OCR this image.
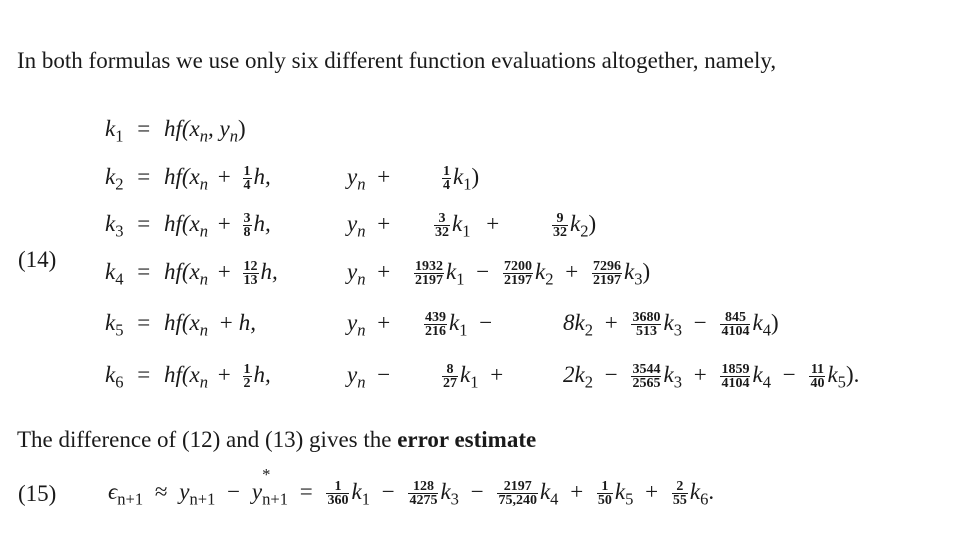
In both formulas we use only six different function evaluations altogether, namely,
(14)
$k_1 = hf(x_n$, $y_n$)
$k_2 = hf(x_n + \frac{1}{4} h$,	$y_n$ +	$\frac{1}{4} k_1$)
$k_3 = hf(x_n + \frac{3}{8} h$,	$y_n$ +	$\frac{3}{32} k_1$ +	$\frac{9}{32} k_2$)
$k_4 = hf(x_n + \frac{12}{13} h$,	$y_n$ +	$\frac{1932}{2197} k_1 - \frac{7200}{2197} k_2 + \frac{7296}{2197} k_3$)
$k_5 = hf(x_n + h$,	$y_n$ +	$\frac{439}{216} k_1$ −	$8k_2 + \frac{3680}{513} k_3 - \frac{845}{4104} k_4$)
$k_6 = hf(x_n + \frac{1}{2} h$,	$y_n$ −	$\frac{8}{27} k_1$ +	$2k_2 - \frac{3544}{2565} k_3 + \frac{1859}{4104} k_4 - \frac{11}{40} k_5$).
The difference of (12) and (13) gives the error estimate
(15) $\epsilon_{n+1} \approx y_{n+1} - y$
*
$_{n+1} = \frac{1}{360} k_1 - \frac{128}{4275} k_3 - \frac{2197}{75,240} k_4 + \frac{1}{50} k_5 + \frac{2}{55} k_6$.
